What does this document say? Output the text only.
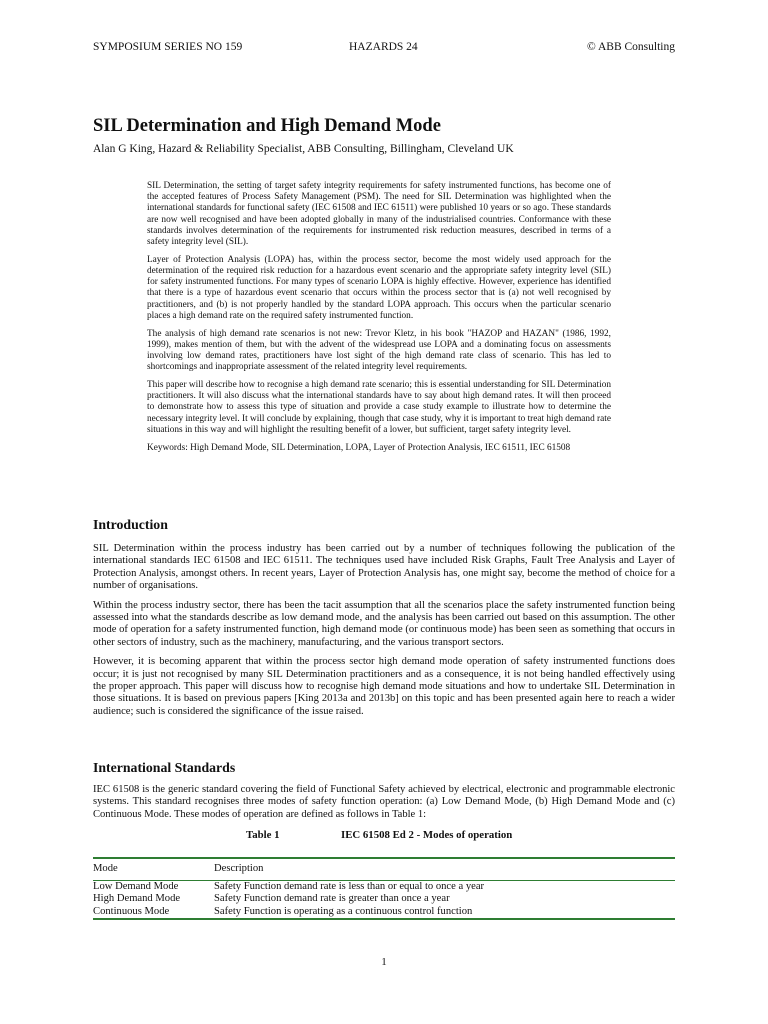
SYMPOSIUM SERIES NO 159	HAZARDS 24	© ABB Consulting
SIL Determination and High Demand Mode

Alan G King, Hazard & Reliability Specialist, ABB Consulting, Billingham, Cleveland UK

SIL Determination, the setting of target safety integrity requirements for safety instrumented functions, has become one of the accepted features of Process Safety Management (PSM). The need for SIL Determination was highlighted when the international standards for functional safety (IEC 61508 and IEC 61511) were published 10 years or so ago. These standards are now well recognised and have been adopted globally in many of the industrialised countries. Conformance with these standards involves determination of the requirements for instrumented risk reduction measures, described in terms of a safety integrity level (SIL).

Layer of Protection Analysis (LOPA) has, within the process sector, become the most widely used approach for the determination of the required risk reduction for a hazardous event scenario and the appropriate safety integrity level (SIL) for safety instrumented functions. For many types of scenario LOPA is highly effective. However, experience has identified that there is a type of hazardous event scenario that occurs within the process sector that is (a) not well recognised by practitioners, and (b) is not properly handled by the standard LOPA approach. This occurs when the particular scenario places a high demand rate on the required safety instrumented function.

The analysis of high demand rate scenarios is not new: Trevor Kletz, in his book "HAZOP and HAZAN" (1986, 1992, 1999), makes mention of them, but with the advent of the widespread use LOPA and a dominating focus on assessments involving low demand rates, practitioners have lost sight of the high demand rate class of scenario. This has led to shortcomings and inappropriate assessment of the related integrity level requirements.

This paper will describe how to recognise a high demand rate scenario; this is essential understanding for SIL Determination practitioners. It will also discuss what the international standards have to say about high demand rates. It will then proceed to demonstrate how to assess this type of situation and provide a case study example to illustrate how to determine the necessary integrity level. It will conclude by explaining, though that case study, why it is important to treat high demand rate situations in this way and will highlight the resulting benefit of a lower, but sufficient, target safety integrity level.

Keywords: High Demand Mode, SIL Determination, LOPA, Layer of Protection Analysis, IEC 61511, IEC 61508

Introduction

SIL Determination within the process industry has been carried out by a number of techniques following the publication of the international standards IEC 61508 and IEC 61511. The techniques used have included Risk Graphs, Fault Tree Analysis and Layer of Protection Analysis, amongst others. In recent years, Layer of Protection Analysis has, one might say, become the method of choice for a number of organisations.

Within the process industry sector, there has been the tacit assumption that all the scenarios place the safety instrumented function being assessed into what the standards describe as low demand mode, and the analysis has been carried out based on this assumption. The other mode of operation for a safety instrumented function, high demand mode (or continuous mode) has been seen as something that occurs in other sectors of industry, such as the machinery, manufacturing, and the various transport sectors.

However, it is becoming apparent that within the process sector high demand mode operation of safety instrumented functions does occur; it is just not recognised by many SIL Determination practitioners and as a consequence, it is not being handled effectively using the proper approach. This paper will discuss how to recognise high demand mode situations and how to undertake SIL Determination in those situations. It is based on previous papers [King 2013a and 2013b] on this topic and has been presented again here to reach a wider audience; such is considered the significance of the issue raised.

International Standards

IEC 61508 is the generic standard covering the field of Functional Safety achieved by electrical, electronic and programmable electronic systems. This standard recognises three modes of safety function operation: (a) Low Demand Mode, (b) High Demand Mode and (c) Continuous Mode. These modes of operation are defined as follows in Table 1:

Table 1	IEC 61508 Ed 2 - Modes of operation
Mode	Description
Low Demand Mode	Safety Function demand rate is less than or equal to once a year
High Demand Mode	Safety Function demand rate is greater than once a year
Continuous Mode	Safety Function is operating as a continuous control function
1
